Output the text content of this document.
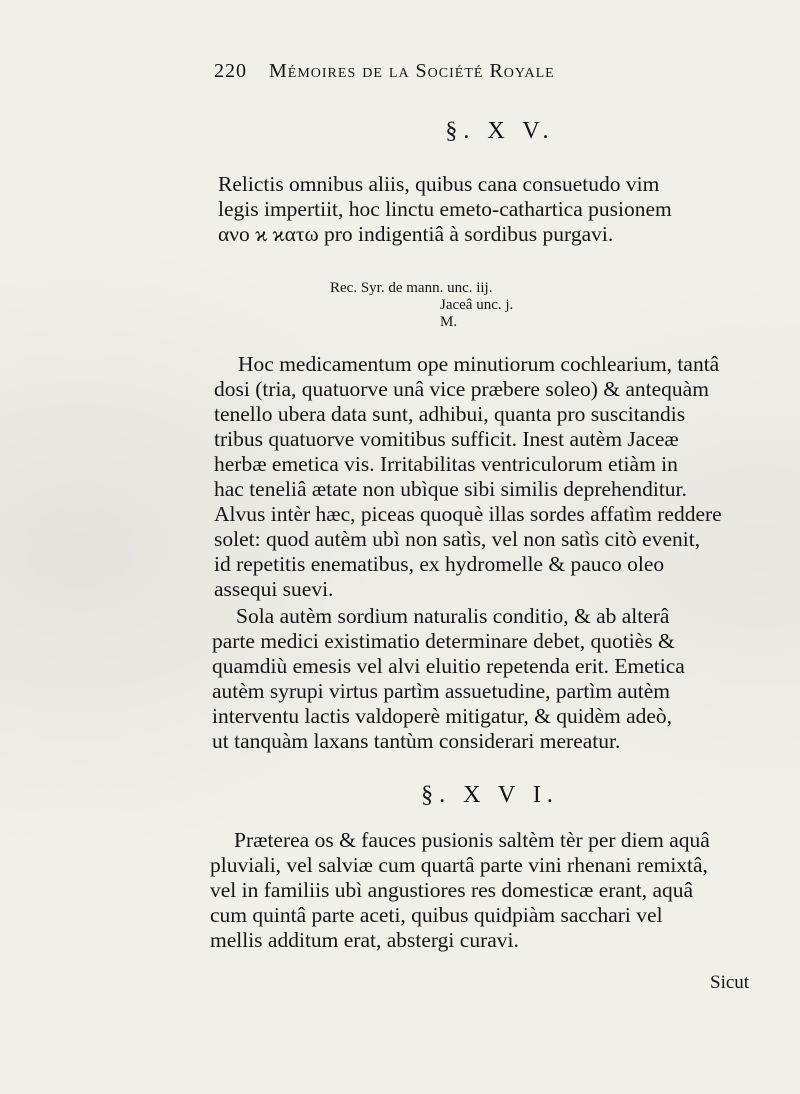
220 Mémoires de la Société Royale
§. X V.

Relictis omnibus aliis, quibus cana consuetudo vim

legis impertiit, hoc linctu emeto-cathartica pusionem

ανο ϰ ϰατω pro indigentiâ à sordibus purgavi.

Rec. Syr. de mann. unc. iij.
Jaceâ unc. j.
M.

Hoc medicamentum ope minutiorum cochlearium, tantâ

dosi (tria, quatuorve unâ vice præbere soleo) & antequàm

tenello ubera data sunt, adhibui, quanta pro suscitandis

tribus quatuorve vomitibus sufficit. Inest autèm Jaceæ

herbæ emetica vis. Irritabilitas ventriculorum etiàm in

hac teneliâ ætate non ubìque sibi similis deprehenditur.

Alvus intèr hæc, piceas quoquè illas sordes affatìm reddere

solet: quod autèm ubì non satìs, vel non satìs citò evenit,

id repetitis enematibus, ex hydromelle & pauco oleo

assequi suevi.

Sola autèm sordium naturalis conditio, & ab alterâ

parte medici existimatio determinare debet, quotiès &

quamdiù emesis vel alvi eluitio repetenda erit. Emetica

autèm syrupi virtus partìm assuetudine, partìm autèm

interventu lactis valdoperè mitigatur, & quidèm adeò,

ut tanquàm laxans tantùm considerari mereatur.

§. X V I.

Præterea os & fauces pusionis saltèm tèr per diem aquâ

pluviali, vel salviæ cum quartâ parte vini rhenani remixtâ,

vel in familiis ubì angustiores res domesticæ erant, aquâ

cum quintâ parte aceti, quibus quidpiàm sacchari vel

mellis additum erat, abstergi curavi.

Sicut
